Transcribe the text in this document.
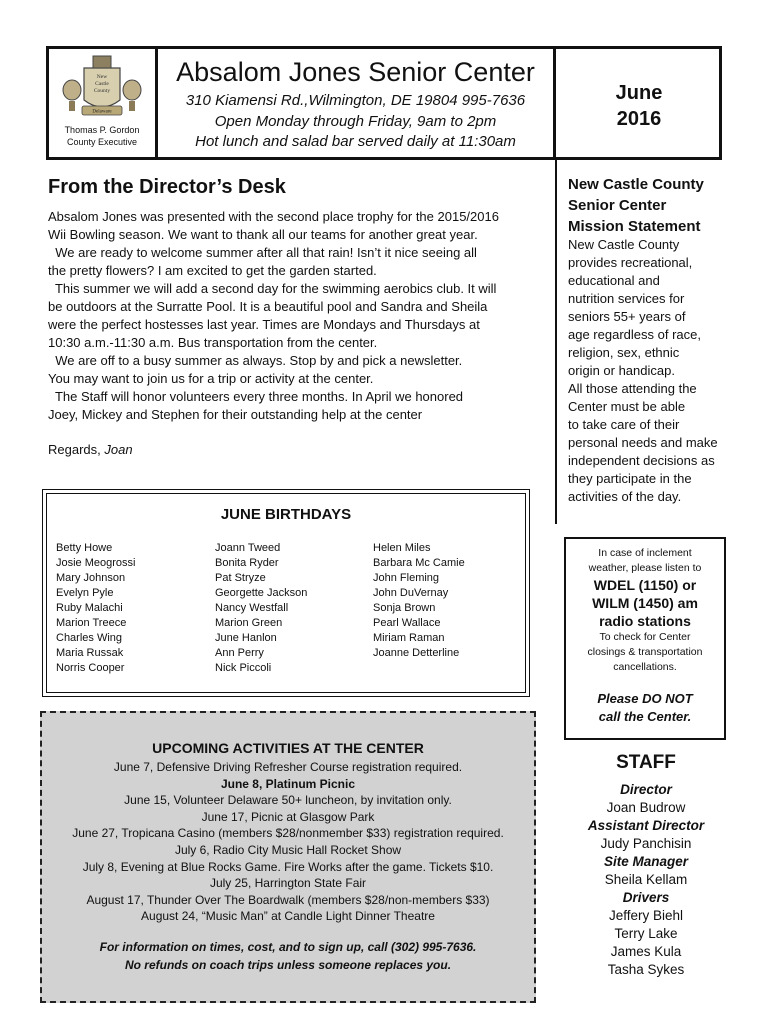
New
Castle
County
Delaware
Thomas P. Gordon
County Executive
Absalom Jones Senior Center
310 Kiamensi Rd.,Wilmington, DE 19804 995-7636
Open Monday through Friday, 9am to 2pm
Hot lunch and salad bar served daily at 11:30am
June
2016
From the Director’s Desk

Absalom Jones was presented with the second place trophy for the 2015/2016

Wii Bowling season. We want to thank all our teams for another great year.

We are ready to welcome summer after all that rain! Isn’t it nice seeing all

the pretty flowers? I am excited to get the garden started.

This summer we will add a second day for the swimming aerobics club. It will

be outdoors at the Surratte Pool. It is a beautiful pool and Sandra and Sheila

were the perfect hostesses last year. Times are Mondays and Thursdays at

10:30 a.m.-11:30 a.m. Bus transportation from the center.

We are off to a busy summer as always. Stop by and pick a newsletter.

You may want to join us for a trip or activity at the center.

The Staff will honor volunteers every three months. In April we honored

Joey, Mickey and Stephen for their outstanding help at the center

Regards, Joan
New Castle County
Senior Center
Mission Statement
New Castle County
provides recreational,
educational and
nutrition services for
seniors 55+ years of
age regardless of race,
religion, sex, ethnic
origin or handicap.
All those attending the
Center must be able
to take care of their
personal needs and make
independent decisions as
they participate in the
activities of the day.
JUNE BIRTHDAYS
Betty Howe
Josie Meogrossi
Mary Johnson
Evelyn Pyle
Ruby Malachi
Marion Treece
Charles Wing
Maria Russak
Norris Cooper
Joann Tweed
Bonita Ryder
Pat Stryze
Georgette Jackson
Nancy Westfall
Marion Green
June Hanlon
Ann Perry
Nick Piccoli
Helen Miles
Barbara Mc Camie
John Fleming
John DuVernay
Sonja Brown
Pearl Wallace
Miriam Raman
Joanne Detterline
In case of inclement
weather, please listen to
WDEL (1150) or
WILM (1450) am
radio stations
To check for Center
closings & transportation
cancellations.
Please DO NOT
call the Center.
UPCOMING ACTIVITIES AT THE CENTER
June 7, Defensive Driving Refresher Course registration required.
June 8, Platinum Picnic
June 15, Volunteer Delaware 50+ luncheon, by invitation only.
June 17, Picnic at Glasgow Park
June 27, Tropicana Casino (members $28/nonmember $33) registration required.
July 6, Radio City Music Hall Rocket Show
July 8, Evening at Blue Rocks Game. Fire Works after the game. Tickets $10.
July 25, Harrington State Fair
August 17, Thunder Over The Boardwalk (members $28/non-members $33)
August 24, “Music Man” at Candle Light Dinner Theatre
For information on times, cost, and to sign up, call (302) 995-7636.
No refunds on coach trips unless someone replaces you.
STAFF
Director
Joan Budrow
Assistant Director
Judy Panchisin
Site Manager
Sheila Kellam
Drivers
Jeffery Biehl
Terry Lake
James Kula
Tasha Sykes
